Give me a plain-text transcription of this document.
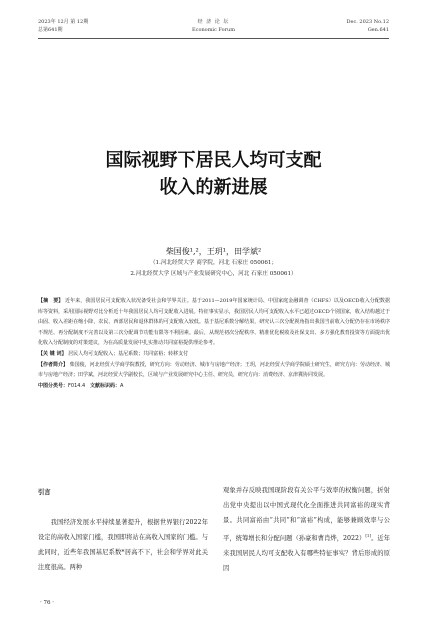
2023年 12月 第 12期
总第641期
经 济 论 坛
Economic Forum
Dec. 2023 No.12
Gen.641
国际视野下居民人均可支配
收入的新进展
柴国俊¹,²，王玥¹，田学斌²
（1.河北经贸大学 商学院，河北 石家庄 050061；
2.河北经贸大学 区域与产业发展研究中心，河北 石家庄 050061）
【摘　要】 近年来，我国居民可支配收入状况备受社会和学界关注。基于2011—2019年国家统计局、中国家庭金融调查（CHFS）以及OECD收入分配数据库等资料，采用国际视野对比分析近十年我国居民人均可支配收入进展。特征事实显示，我国居民人均可支配收入水平已超过OECD个别国家，收入结构越过于由固、收入差距在缩小降，农民、西部居民和退休群体的可支配收入较低。基于基尼系数分解结果，研究认三次分配视角指出我国当前收入分配仍存在市场秩序不规范、再分配制度不完善以及第三次分配调节功能有限等不利因素。最后，从规范初次分配秩序、精准优化税收及社保支出、多方强化教育投资等方面提出优化收入分配制度的对策建议，为在高质量发展中扎实推动共同富裕提供理论参考。
【关 键 词】 居民人均可支配收入；基尼系数；共同富裕；转移支付
【作者简介】 柴国俊，河北经贸大学商学院教授，研究方向：劳动经济、城市与房地产经济；王玥，河北经贸大学商学院硕士研究生，研究方向：劳动经济、城市与房地产经济；田学斌，河北经贸大学副校长，区域与产业发展研究中心主任、研究员，研究方向：消费经济、京津冀协同发展。
中图分类号：F014.4 文献标识码：A
引言

我国经济发展水平持续显著提升，根据世界银行2022年设定的高收入国家门槛，我国即将站在高收入国家的门槛。与此同时，近些年我国基尼系数*居高不下，社会和学界对此关注度很高。两种

观象并存反映我国现阶段有关公平与效率的权衡问题，折射出党中央提出以中国式现代化全面推进共同富裕的现实背景。共同富裕由“共同”和“富裕”构成，能够兼顾效率与公平，统筹增长和分配问题（孙豪和曹肖烨，2022）[1]。近年来我国居民人均可支配收入有哪些特征事实？背后形成的原因

· 76 ·
